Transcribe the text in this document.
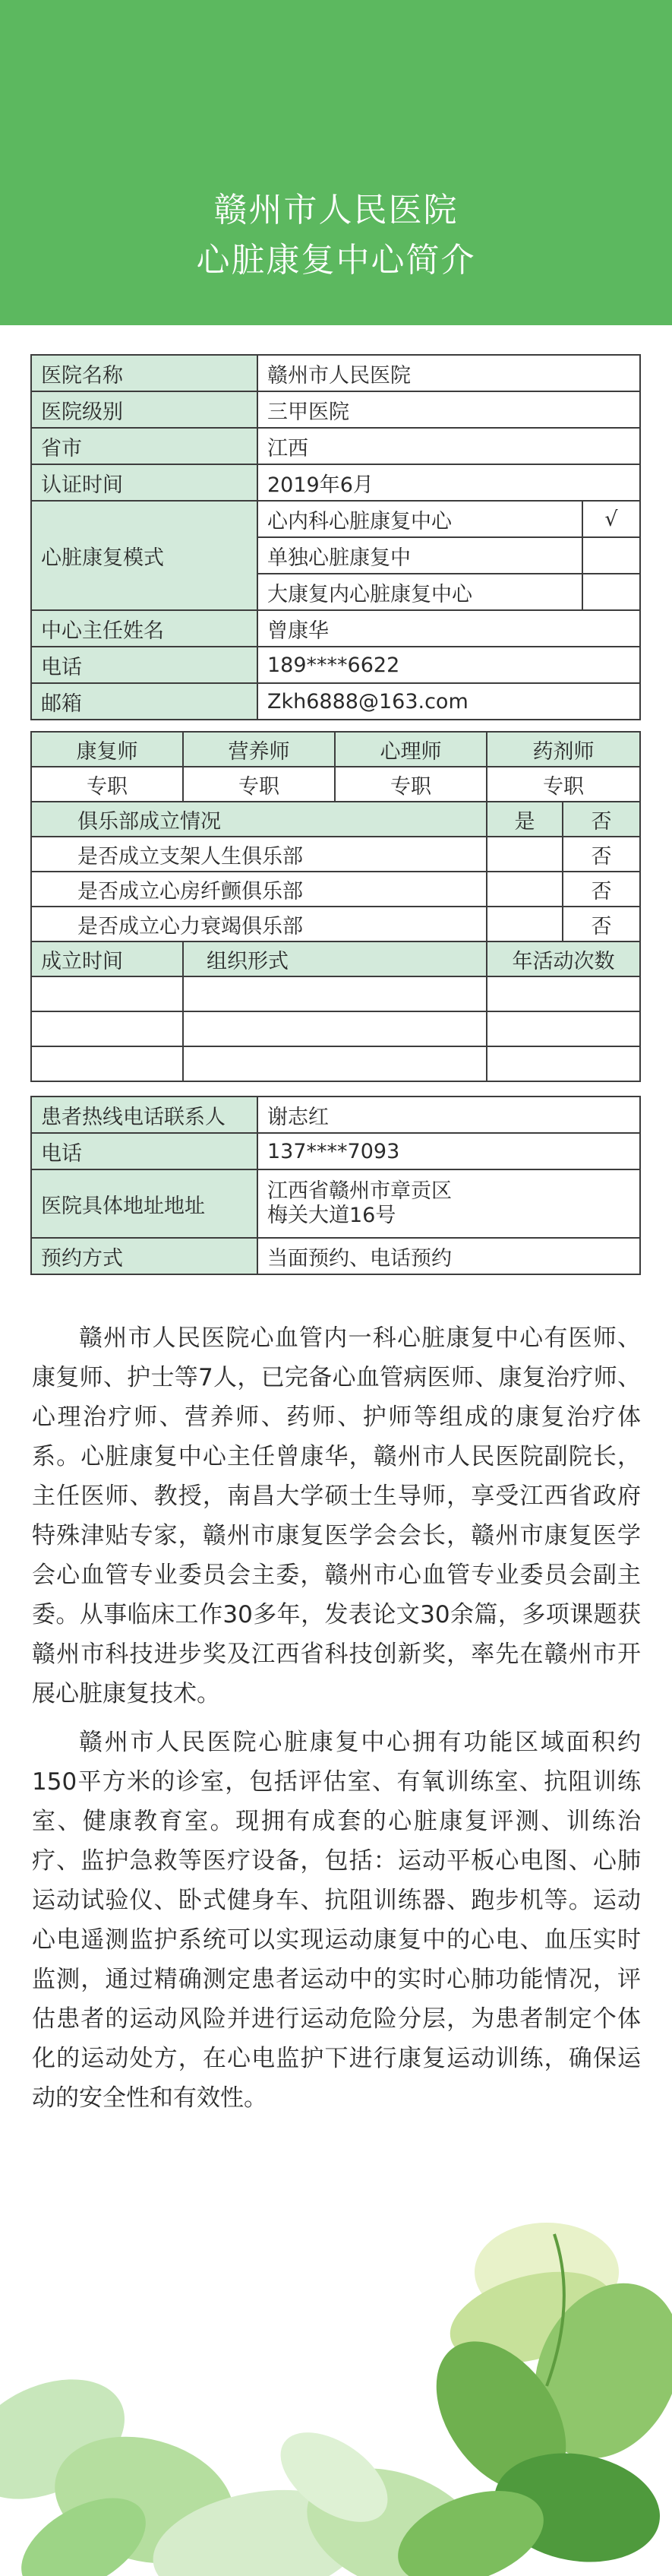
赣州市人民医院
心脏康复中心简介
医院名称	赣州市人民医院	
医院级别	三甲医院	
省市	江西	
认证时间	2019年6月	
心脏康复模式	心内科心脏康复中心	√
	单独心脏康复中	
	大康复内心脏康复中心	
中心主任姓名	曾康华	
电话	189****6622	
邮箱	Zkh6888@163.com	
康复师	营养师	心理师	药剂师	
专职	专职	专职	专职	
俱乐部成立情况			是	否
是否成立支架人生俱乐部				否
是否成立心房纤颤俱乐部				否
是否成立心力衰竭俱乐部				否
成立时间	组织形式		年活动次数	

患者热线电话联系人	谢志红
电话	137****7093
医院具体地址地址	江西省赣州市章贡区
梅关大道16号

预约方式	当面预约、电话预约

赣州市人民医院心血管内一科心脏康复中心有医师、康复师、护士等7人，已完备心血管病医师、康复治疗师、心理治疗师、营养师、药师、护师等组成的康复治疗体系。心脏康复中心主任曾康华，赣州市人民医院副院长，主任医师、教授，南昌大学硕士生导师，享受江西省政府特殊津贴专家，赣州市康复医学会会长，赣州市康复医学会心血管专业委员会主委，赣州市心血管专业委员会副主委。从事临床工作30多年，发表论文30余篇，多项课题获赣州市科技进步奖及江西省科技创新奖，率先在赣州市开展心脏康复技术。

赣州市人民医院心脏康复中心拥有功能区域面积约150平方米的诊室，包括评估室、有氧训练室、抗阻训练室、健康教育室。现拥有成套的心脏康复评测、训练治疗、监护急救等医疗设备，包括：运动平板心电图、心肺运动试验仪、卧式健身车、抗阻训练器、跑步机等。运动心电遥测监护系统可以实现运动康复中的心电、血压实时监测，通过精确测定患者运动中的实时心肺功能情况，评估患者的运动风险并进行运动危险分层，为患者制定个体化的运动处方，在心电监护下进行康复运动训练，确保运动的安全性和有效性。
